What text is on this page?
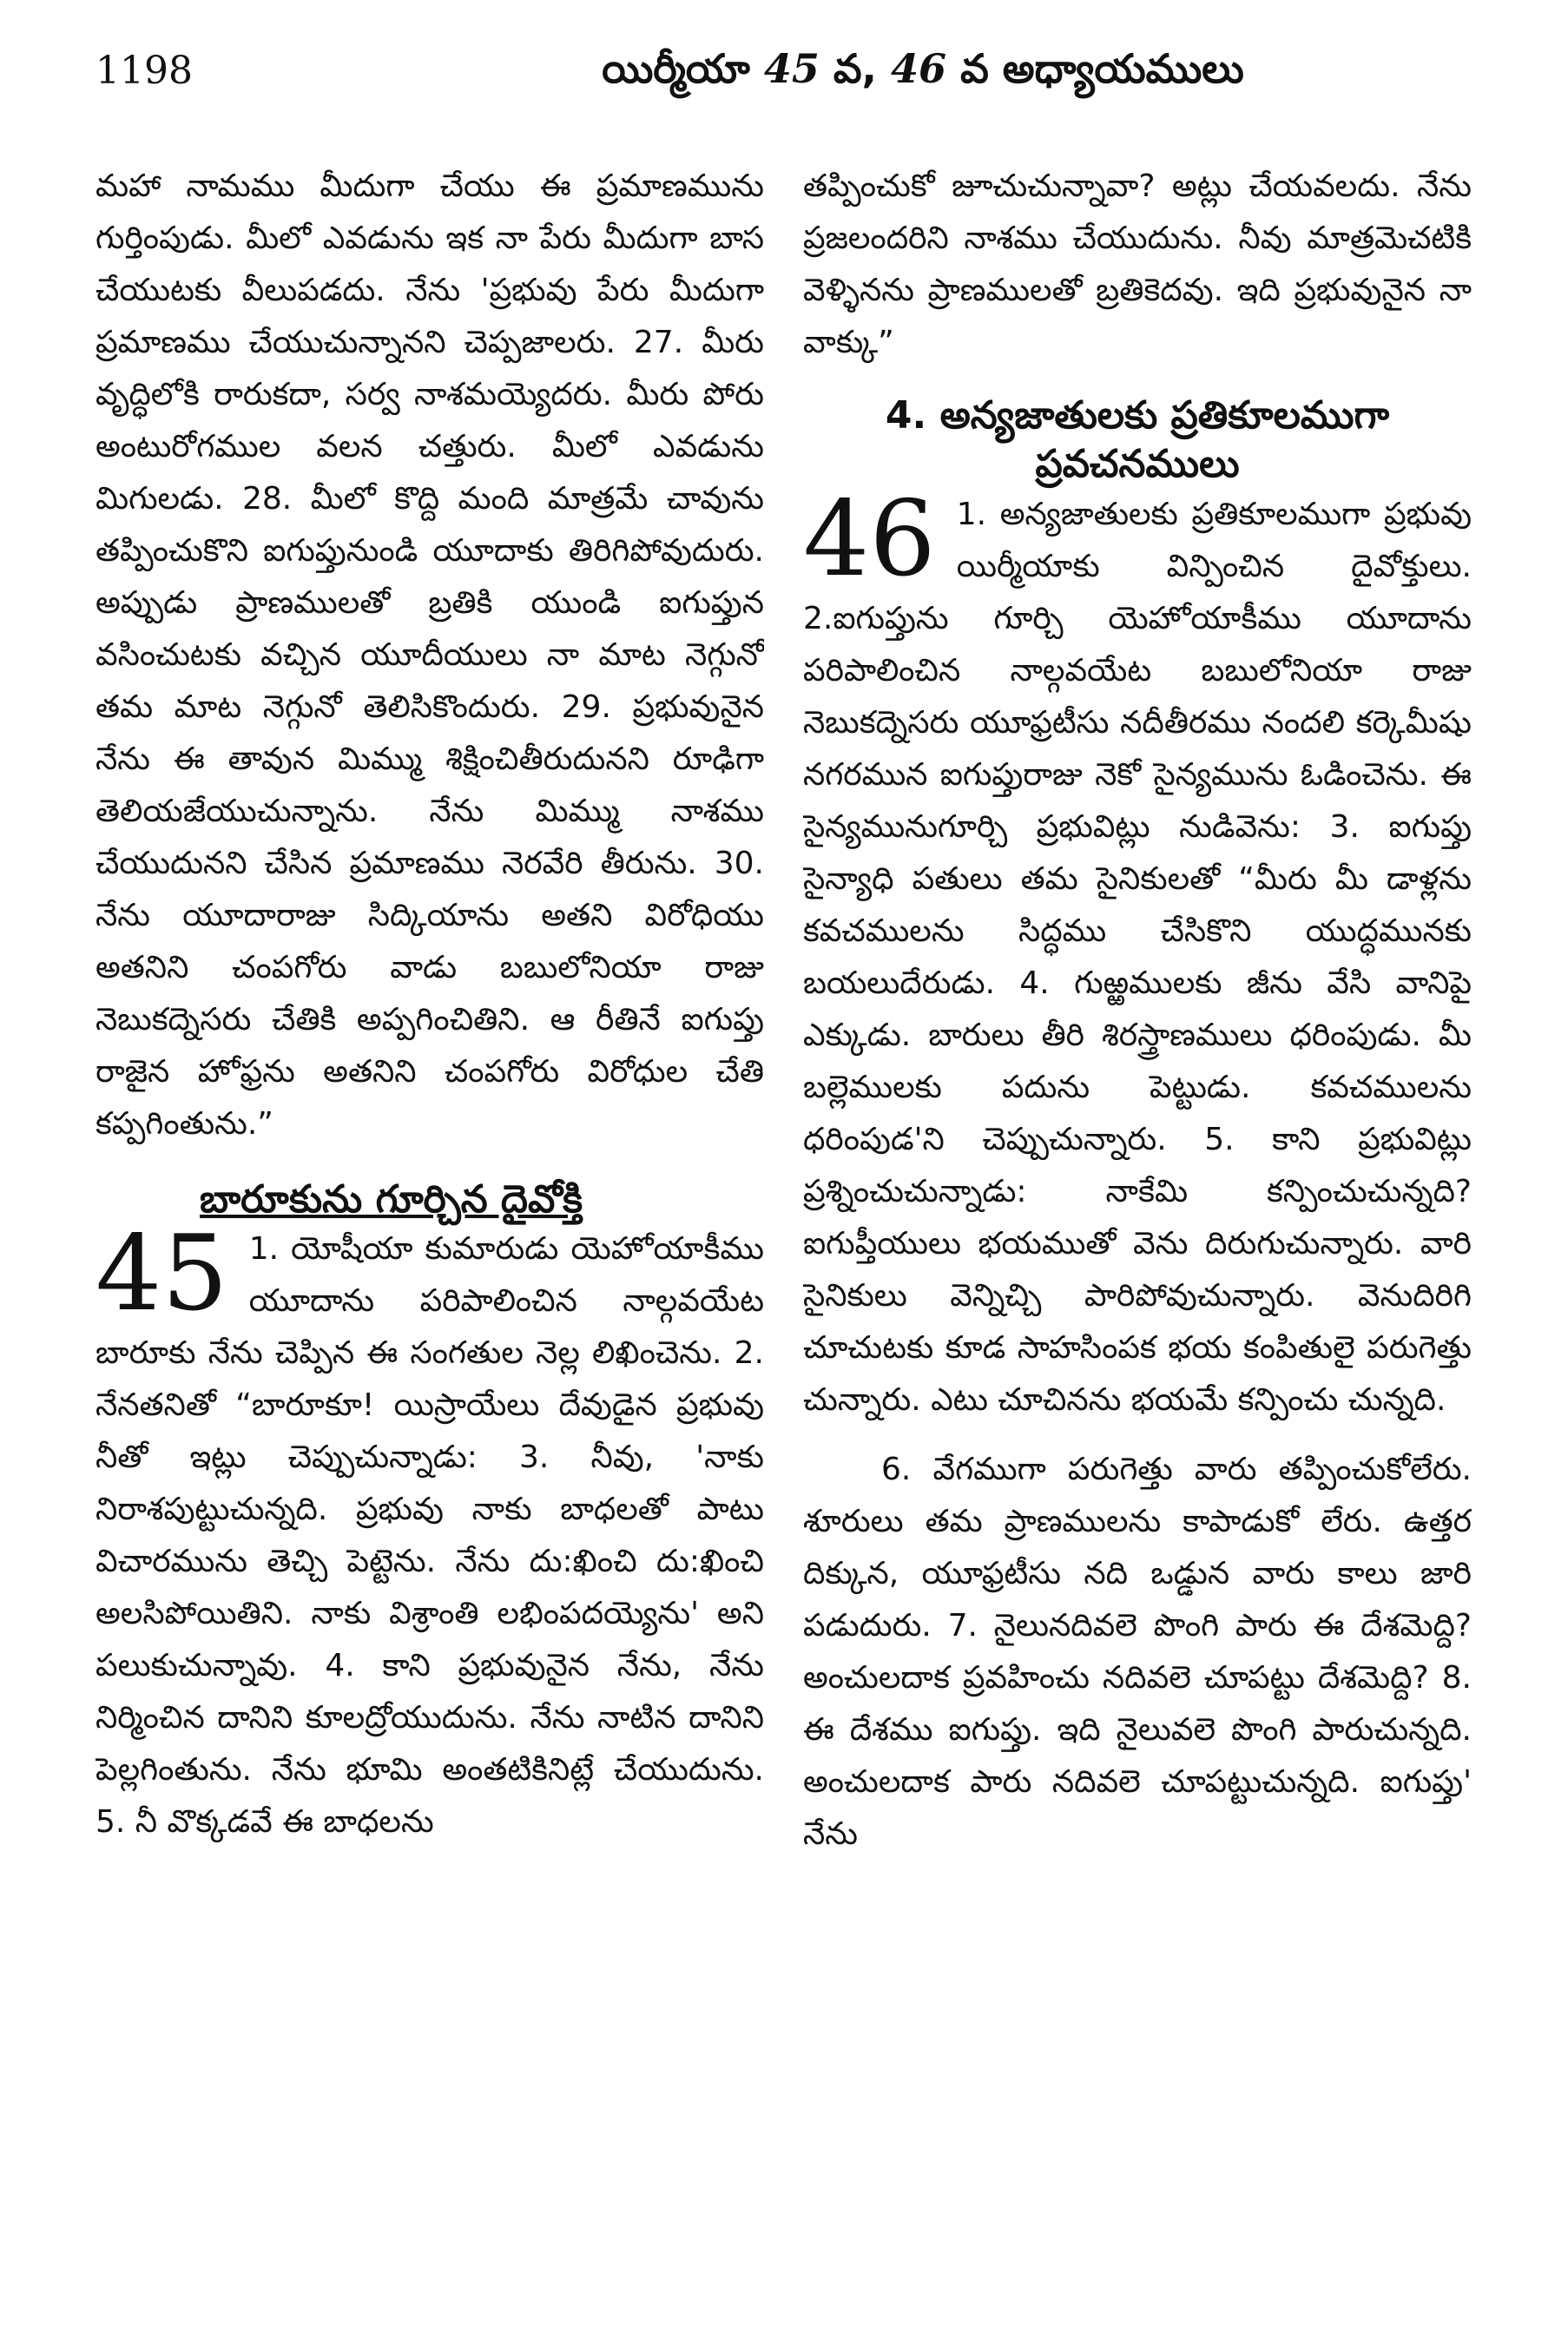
1198	యిర్మీయా 45 వ, 46 వ అధ్యాయములు

మహా నామము మీదుగా చేయు ఈ ప్రమాణమును గుర్తింపుడు. మీలో ఎవడును ఇక నా పేరు మీదుగా బాస చేయుటకు వీలుపడదు. నేను 'ప్రభువు పేరు మీదుగా ప్రమాణము చేయుచున్నానని చెప్పజాలరు. 27. మీరు వృద్ధిలోకి రారుకదా, సర్వ నాశమయ్యెదరు. మీరు పోరు అంటురోగముల వలన చత్తురు. మీలో ఎవడును మిగులడు. 28. మీలో కొద్ది మంది మాత్రమే చావును తప్పించుకొని ఐగుప్తునుండి యూదాకు తిరిగిపోవుదురు. అప్పుడు ప్రాణములతో బ్రతికి యుండి ఐగుప్తున వసించుటకు వచ్చిన యూదీయులు నా మాట నెగ్గునో తమ మాట నెగ్గునో తెలిసికొందురు. 29. ప్రభువునైన నేను ఈ తావున మిమ్ము శిక్షించితీరుదునని రూఢిగా తెలియజేయుచున్నాను. నేను మిమ్ము నాశము చేయుదునని చేసిన ప్రమాణము నెరవేరి తీరును. 30. నేను యూదారాజు సిద్కియాను అతని విరోధియు అతనిని చంపగోరు వాడు బబులోనియా రాజు నెబుకద్నెసరు చేతికి అప్పగించితిని. ఆ రీతినే ఐగుప్తు రాజైన హోఫ్రను అతనిని చంపగోరు విరోధుల చేతి కప్పగింతును.”

బారూకును గూర్చిన దైవోక్తి
45 1. యోషీయా కుమారుడు యెహోయాకీము యూదాను పరిపాలించిన నాల్గవయేట బారూకు నేను చెప్పిన ఈ సంగతుల నెల్ల లిఖించెను. 2. నేనతనితో “బారూకూ! యిస్రాయేలు దేవుడైన ప్రభువు నీతో ఇట్లు చెప్పుచున్నాడు: 3. నీవు, 'నాకు నిరాశపుట్టుచున్నది. ప్రభువు నాకు బాధలతో పాటు విచారమును తెచ్చి పెట్టెను. నేను దు:ఖించి దు:ఖించి అలసిపోయితిని. నాకు విశ్రాంతి లభింపదయ్యెను' అని పలుకుచున్నావు. 4. కాని ప్రభువునైన నేను, నేను నిర్మించిన దానిని కూలద్రోయుదును. నేను నాటిన దానిని పెల్లగింతును. నేను భూమి అంతటికినిట్లే చేయుదును. 5. నీ వొక్కడవే ఈ బాధలను

తప్పించుకో జూచుచున్నావా? అట్లు చేయవలదు. నేను ప్రజలందరిని నాశము చేయుదును. నీవు మాత్రమెచటికి వెళ్ళినను ప్రాణములతో బ్రతికెదవు. ఇది ప్రభువునైన నా వాక్కు”

4. అన్యజాతులకు ప్రతికూలముగా ప్రవచనములు
46 1. అన్యజాతులకు ప్రతికూలముగా ప్రభువు యిర్మీయాకు విన్పించిన దైవోక్తులు. 2.ఐగుప్తును గూర్చి యెహోయాకీము యూదాను పరిపాలించిన నాల్గవయేట బబులోనియా రాజు నెబుకద్నెసరు యూఫ్రటీసు నదీతీరము నందలి కర్కెమీషు నగరమున ఐగుప్తురాజు నెకో సైన్యమును ఓడించెను. ఈ సైన్యమునుగూర్చి ప్రభువిట్లు నుడివెను: 3. ఐగుప్తు సైన్యాధి పతులు తమ సైనికులతో “మీరు మీ డాళ్లను కవచములను సిద్ధము చేసికొని యుద్ధమునకు బయలుదేరుడు. 4. గుఱ్ఱములకు జీను వేసి వానిపై ఎక్కుడు. బారులు తీరి శిరస్త్రాణములు ధరింపుడు. మీ బల్లెములకు పదును పెట్టుడు. కవచములను ధరింపుడ'ని చెప్పుచున్నారు. 5. కాని ప్రభువిట్లు ప్రశ్నించుచున్నాడు: నాకేమి కన్పించుచున్నది? ఐగుప్తీయులు భయముతో వెను దిరుగుచున్నారు. వారి సైనికులు వెన్నిచ్చి పారిపోవుచున్నారు. వెనుదిరిగి చూచుటకు కూడ సాహసింపక భయ కంపితులై పరుగెత్తు చున్నారు. ఎటు చూచినను భయమే కన్పించు చున్నది.

6. వేగముగా పరుగెత్తు వారు తప్పించుకోలేరు. శూరులు తమ ప్రాణములను కాపాడుకో లేరు. ఉత్తర దిక్కున, యూఫ్రటీసు నది ఒడ్డున వారు కాలు జారి పడుదురు. 7. నైలునదివలె పొంగి పారు ఈ దేశమెద్ది? అంచులదాక ప్రవహించు నదివలె చూపట్టు దేశమెద్ది? 8. ఈ దేశము ఐగుప్తు. ఇది నైలువలె పొంగి పారుచున్నది. అంచులదాక పారు నదివలె చూపట్టుచున్నది. ఐగుప్తు' నేను
